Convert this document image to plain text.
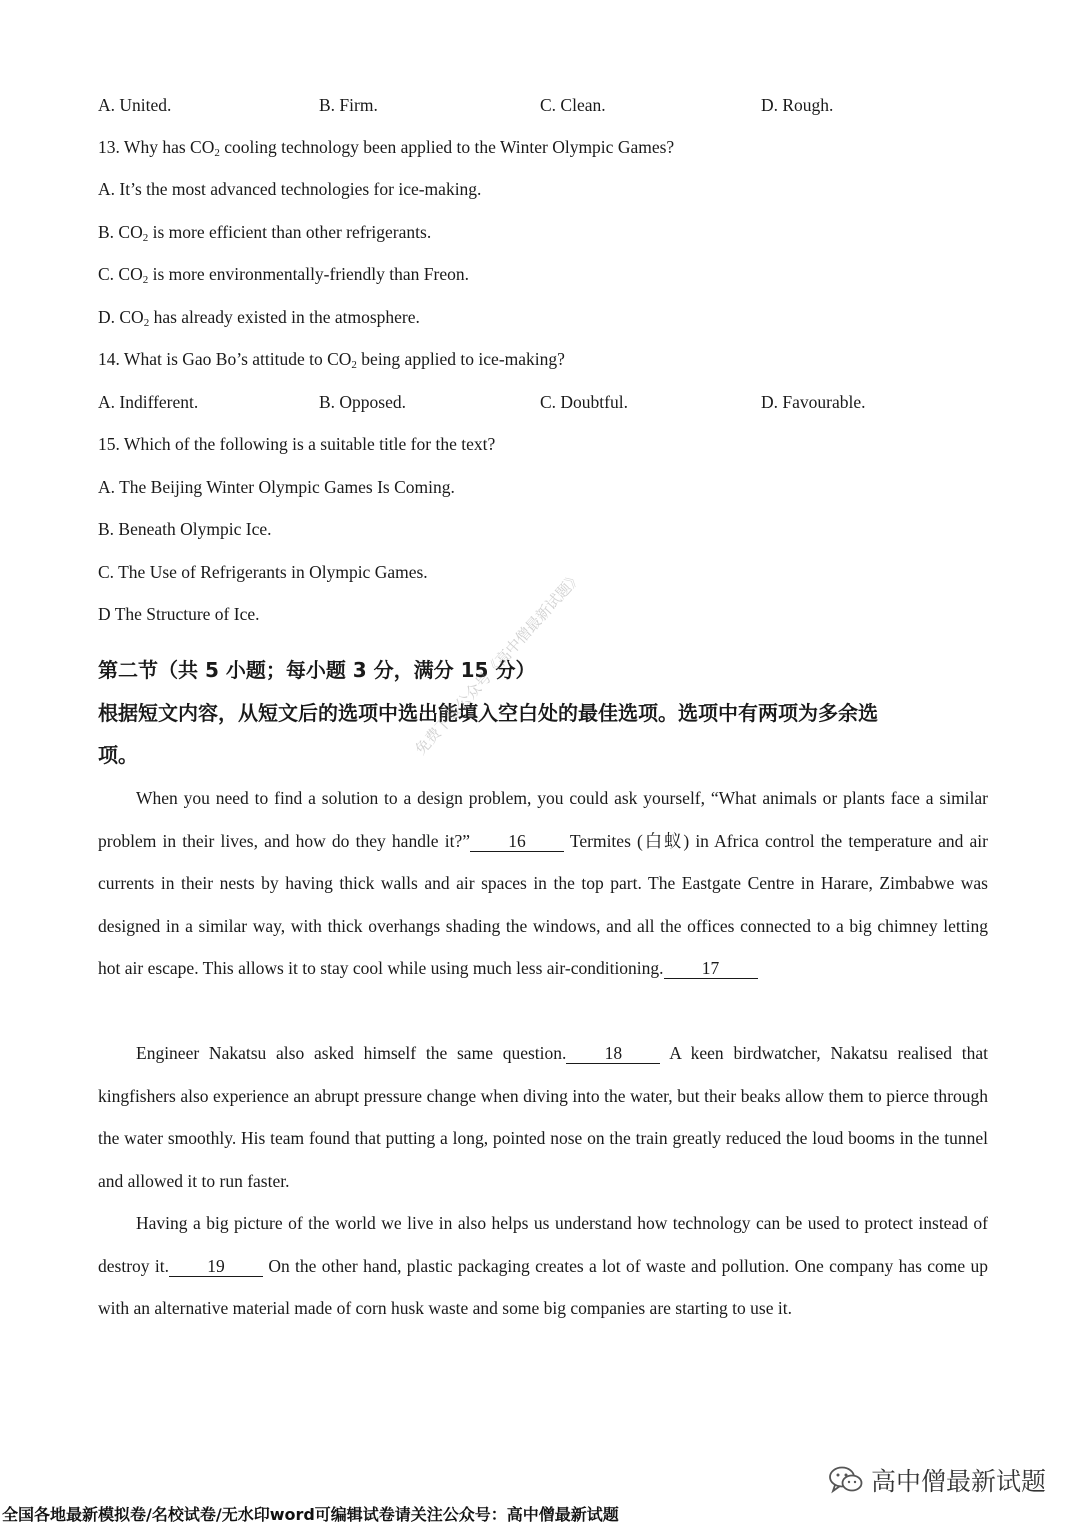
A. United.	B. Firm.	C. Clean.	D. Rough.
13. Why has $CO_2$ cooling technology been applied to the Winter Olympic Games?
A. It’s the most advanced technologies for ice-making.
B. $CO_2$ is more efficient than other refrigerants.
C. $CO_2$ is more environmentally-friendly than Freon.
D. $CO_2$ has already existed in the atmosphere.
14. What is Gao Bo’s attitude to $CO_2$ being applied to ice-making?
A. Indifferent.	B. Opposed.	C. Doubtful.	D. Favourable.
15. Which of the following is a suitable title for the text?
A. The Beijing Winter Olympic Games Is Coming.
B. Beneath Olympic Ice.
C. The Use of Refrigerants in Olympic Games.
D The Structure of Ice.
第二节（共 5 小题；每小题 3 分，满分 15 分）
根据短文内容，从短文后的选项中选出能填入空白处的最佳选项。选项中有两项为多余选
项。
When you need to find a solution to a design problem, you could ask yourself, “What animals or plants face a similar problem in their lives, and how do they handle it?” 16 Termites (白蚁) in Africa control the temperature and air currents in their nests by having thick walls and air spaces in the top part. The Eastgate Centre in Harare, Zimbabwe was designed in a similar way, with thick overhangs shading the windows, and all the offices connected to a big chimney letting hot air escape. This allows it to stay cool while using much less air-conditioning. 17
Engineer Nakatsu also asked himself the same question. 18 A keen birdwatcher, Nakatsu realised that kingfishers also experience an abrupt pressure change when diving into the water, but their beaks allow them to pierce through the water smoothly. His team found that putting a long, pointed nose on the train greatly reduced the loud booms in the tunnel and allowed it to run faster.
Having a big picture of the world we live in also helps us understand how technology can be used to protect instead of destroy it. 19 On the other hand, plastic packaging creates a lot of waste and pollution. One company has come up with an alternative material made of corn husk waste and some big companies are starting to use it.
免费下载公众号《高中僧最新试题》
高中僧最新试题
全国各地最新模拟卷/名校试卷/无水印word可编辑试卷请关注公众号：高中僧最新试题
